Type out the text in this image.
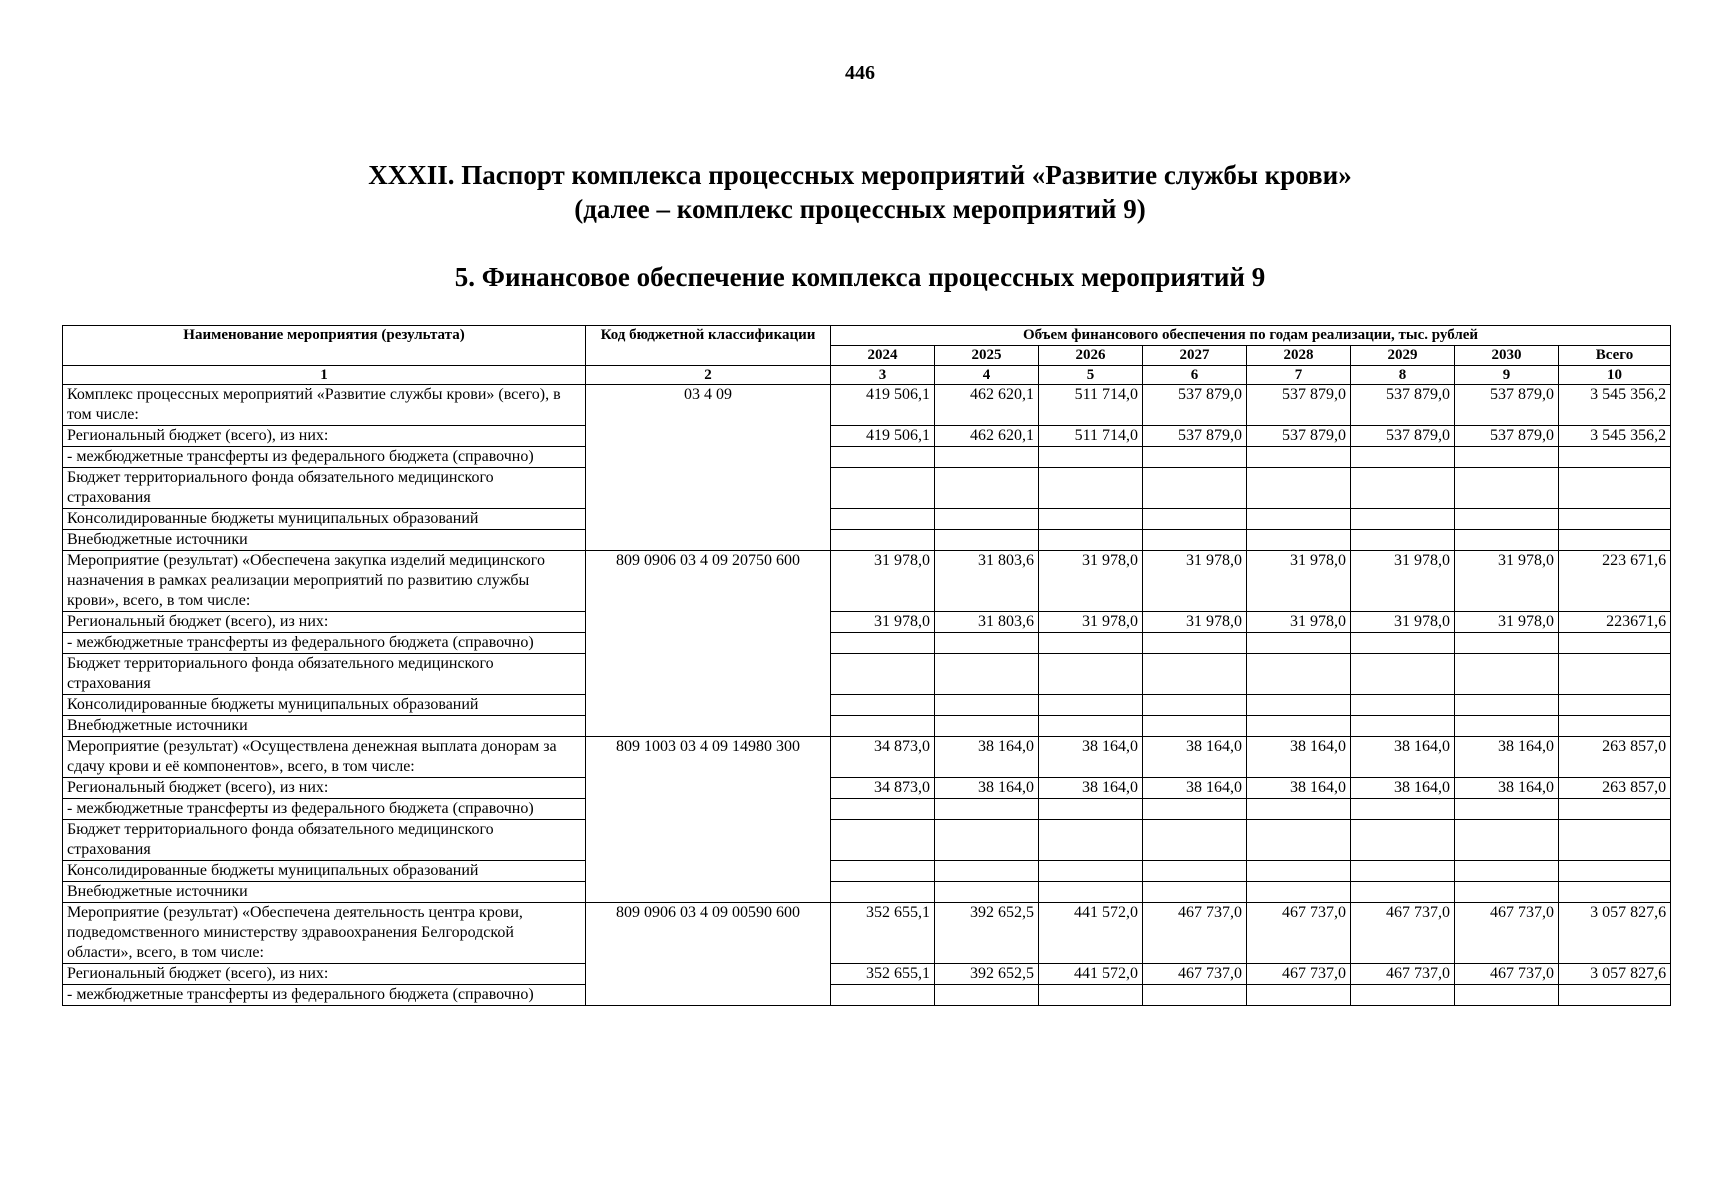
446
XXXII. Паспорт комплекса процессных мероприятий «Развитие службы крови»
(далее – комплекс процессных мероприятий 9)
5. Финансовое обеспечение комплекса процессных мероприятий 9
Наименование мероприятия (результата)	Код бюджетной классификации	Объем финансового обеспечения по годам реализации, тыс. рублей							
		2024	2025	2026	2027	2028	2029	2030	Всего
1	2	3	4	5	6	7	8	9	10
Комплекс процессных мероприятий «Развитие службы крови» (всего), в том числе:	03 4 09	419 506,1	462 620,1	511 714,0	537 879,0	537 879,0	537 879,0	537 879,0	3 545 356,2
Региональный бюджет (всего), из них:		419 506,1	462 620,1	511 714,0	537 879,0	537 879,0	537 879,0	537 879,0	3 545 356,2
- межбюджетные трансферты из федерального бюджета (справочно)									
Бюджет территориального фонда обязательного медицинского страхования									
Консолидированные бюджеты муниципальных образований									
Внебюджетные источники									
Мероприятие (результат) «Обеспечена закупка изделий медицинского назначения в рамках реализации мероприятий по развитию службы крови», всего, в том числе:	809 0906 03 4 09 20750 600	31 978,0	31 803,6	31 978,0	31 978,0	31 978,0	31 978,0	31 978,0	223 671,6
Региональный бюджет (всего), из них:		31 978,0	31 803,6	31 978,0	31 978,0	31 978,0	31 978,0	31 978,0	223671,6
- межбюджетные трансферты из федерального бюджета (справочно)									
Бюджет территориального фонда обязательного медицинского страхования									
Консолидированные бюджеты муниципальных образований									
Внебюджетные источники									
Мероприятие (результат) «Осуществлена денежная выплата донорам за сдачу крови и её компонентов», всего, в том числе:	809 1003 03 4 09 14980 300	34 873,0	38 164,0	38 164,0	38 164,0	38 164,0	38 164,0	38 164,0	263 857,0
Региональный бюджет (всего), из них:		34 873,0	38 164,0	38 164,0	38 164,0	38 164,0	38 164,0	38 164,0	263 857,0
- межбюджетные трансферты из федерального бюджета (справочно)									
Бюджет территориального фонда обязательного медицинского страхования									
Консолидированные бюджеты муниципальных образований									
Внебюджетные источники									
Мероприятие (результат) «Обеспечена деятельность центра крови, подведомственного министерству здравоохранения Белгородской области», всего, в том числе:	809 0906 03 4 09 00590 600	352 655,1	392 652,5	441 572,0	467 737,0	467 737,0	467 737,0	467 737,0	3 057 827,6
Региональный бюджет (всего), из них:		352 655,1	392 652,5	441 572,0	467 737,0	467 737,0	467 737,0	467 737,0	3 057 827,6
- межбюджетные трансферты из федерального бюджета (справочно)									
